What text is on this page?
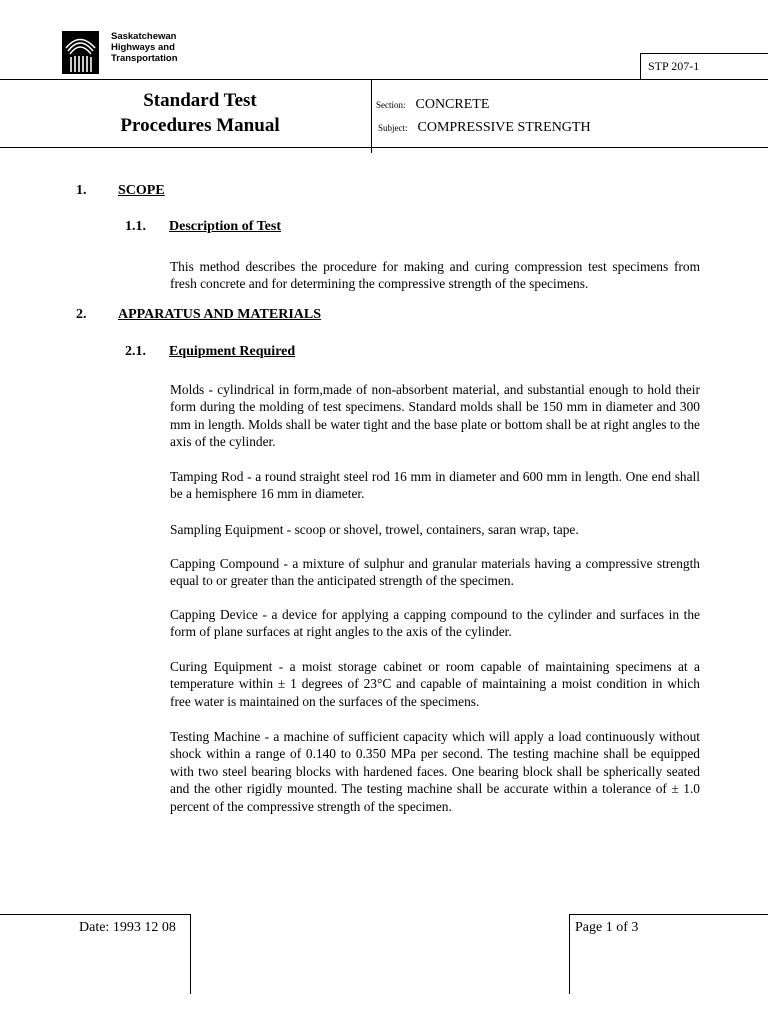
Saskatchewan
Highways and
Transportation
STP 207-1
Standard Test
Procedures Manual
Section: CONCRETE
Subject: COMPRESSIVE STRENGTH
1. SCOPE
1.1. Description of Test
This method describes the procedure for making and curing compression test specimens from fresh concrete and for determining the compressive strength of the specimens.
2. APPARATUS AND MATERIALS
2.1. Equipment Required
Molds - cylindrical in form,made of non-absorbent material, and substantial enough to hold their form during the molding of test specimens. Standard molds shall be 150 mm in diameter and 300 mm in length. Molds shall be water tight and the base plate or bottom shall be at right angles to the axis of the cylinder.
Tamping Rod - a round straight steel rod 16 mm in diameter and 600 mm in length. One end shall be a hemisphere 16 mm in diameter.
Sampling Equipment - scoop or shovel, trowel, containers, saran wrap, tape.
Capping Compound - a mixture of sulphur and granular materials having a compressive strength equal to or greater than the anticipated strength of the specimen.
Capping Device - a device for applying a capping compound to the cylinder and surfaces in the form of plane surfaces at right angles to the axis of the cylinder.
Curing Equipment - a moist storage cabinet or room capable of maintaining specimens at a temperature within ± 1 degrees of 23°C and capable of maintaining a moist condition in which free water is maintained on the surfaces of the specimens.
Testing Machine - a machine of sufficient capacity which will apply a load continuously without shock within a range of 0.140 to 0.350 MPa per second. The testing machine shall be equipped with two steel bearing blocks with hardened faces. One bearing block shall be spherically seated and the other rigidly mounted. The testing machine shall be accurate within a tolerance of ± 1.0 percent of the compressive strength of the specimen.
Date: 1993 12 08	Page 1 of 3
